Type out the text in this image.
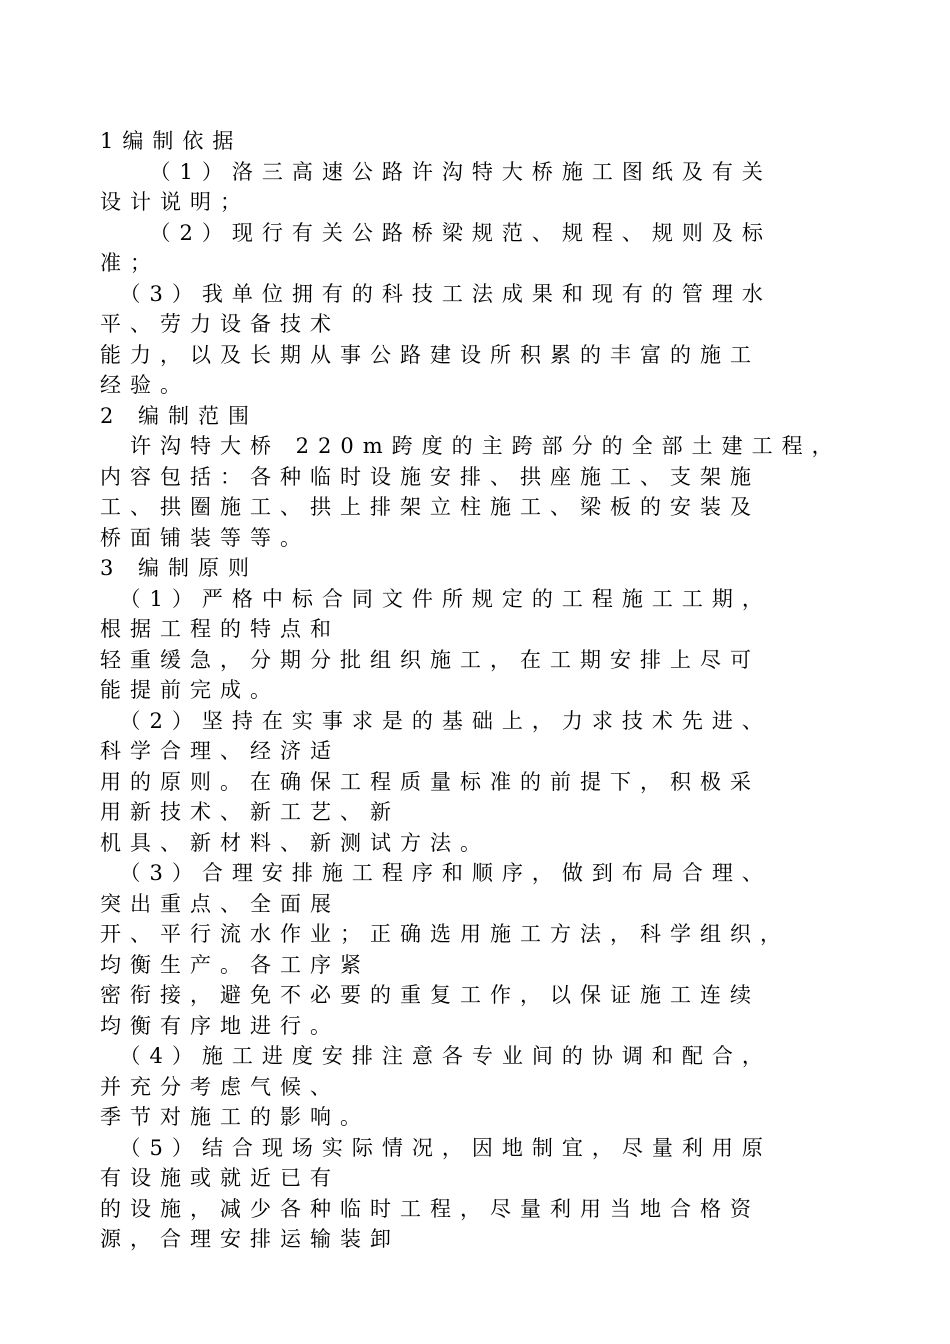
1编制依据
　　（1）洛三高速公路许沟特大桥施工图纸及有关
设计说明；
　　（2）现行有关公路桥梁规范、规程、规则及标
准；
　（3）我单位拥有的科技工法成果和现有的管理水
平、劳力设备技术
能力，以及长期从事公路建设所积累的丰富的施工
经验。
2 编制范围
　许沟特大桥 220m跨度的主跨部分的全部土建工程，
内容包括：各种临时设施安排、拱座施工、支架施
工、拱圈施工、拱上排架立柱施工、梁板的安装及
桥面铺装等等。
3 编制原则
　（1）严格中标合同文件所规定的工程施工工期，
根据工程的特点和
轻重缓急，分期分批组织施工，在工期安排上尽可
能提前完成。
　（2）坚持在实事求是的基础上，力求技术先进、
科学合理、经济适
用的原则。在确保工程质量标准的前提下，积极采
用新技术、新工艺、新
机具、新材料、新测试方法。
　（3）合理安排施工程序和顺序，做到布局合理、
突出重点、全面展
开、平行流水作业；正确选用施工方法，科学组织，
均衡生产。各工序紧
密衔接，避免不必要的重复工作，以保证施工连续
均衡有序地进行。
　（4）施工进度安排注意各专业间的协调和配合，
并充分考虑气候、
季节对施工的影响。
　（5）结合现场实际情况，因地制宜，尽量利用原
有设施或就近已有
的设施，减少各种临时工程，尽量利用当地合格资
源，合理安排运输装卸
